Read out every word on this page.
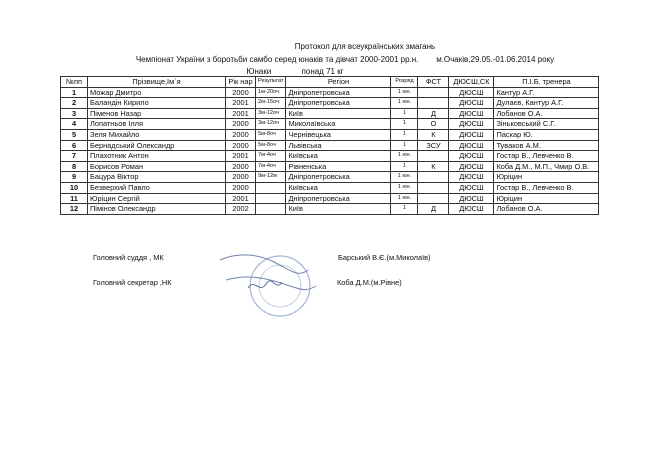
Протокол для всеукраїнських змагань
Чемпіонат України з боротьби самбо серед юнаків та дівчат 2000-2001 рр.н. м.Очаків,29.05.-01.06.2014 року
Юнаки	понад 71 кг
№пп	Прізвище,Ім`я	Рік нар	Результат	Регіон	Розряд	ФСТ	ДЮСШ,СК	П.І.Б. тренера
1	Можар Дмитро	2000	1м-20оч	Дніпропетровська	1 юн.		ДЮСШ	Кантур А.Г.
2	Баландін Кирило	2001	2м-15оч	Дніпропетровська	1 юн.		ДЮСШ	Дулаєв, Кантур А.Г.
3	Піменов Назар	2001	3м-12оч	Київ	1	Д	ДЮСШ	Лобанов О.А.
4	Лопатньов Ілля	2000	3м-12оч	Миколаївська	1	О	ДЮСШ	Зіньковський С.Г.
5	Зеля Михайло	2000	5м-8оч	Чернівецька	1	К	ДЮСШ	Паскар Ю.
6	Бернадський Олександр	2000	5м-8оч	Львівська	1	ЗСУ	ДЮСШ	Туваков А.М.
7	Плахотник Антон	2001	7м-4оч	Київська	1 юн.		ДЮСШ	Гостар В., Левченко В.
8	Борисов Роман	2000	7м-4оч	Рівненська	1	К	ДЮСШ	Коба Д.М., М.П., Чмир О.В.
9	Бацура Віктор	2000	9м-12м	Дніпропетровська	1 юн.		ДЮСШ	Юріцин
10	Безверхий Павло	2000		Київська	1 юн.		ДЮСШ	Гостар В., Левченко В.
11	Юріцин Сергій	2001		Дніпропетровська	1 юн.		ДЮСШ	Юріцин
12	Пімінов Олександр	2002		Київ	1	Д	ДЮСШ	Лобанов О.А.
Головний суддя , МК	Барський В.Є.(м.Миколаїв)
Головний секретар ,НК	Коба Д.М.(м.Рівне)
